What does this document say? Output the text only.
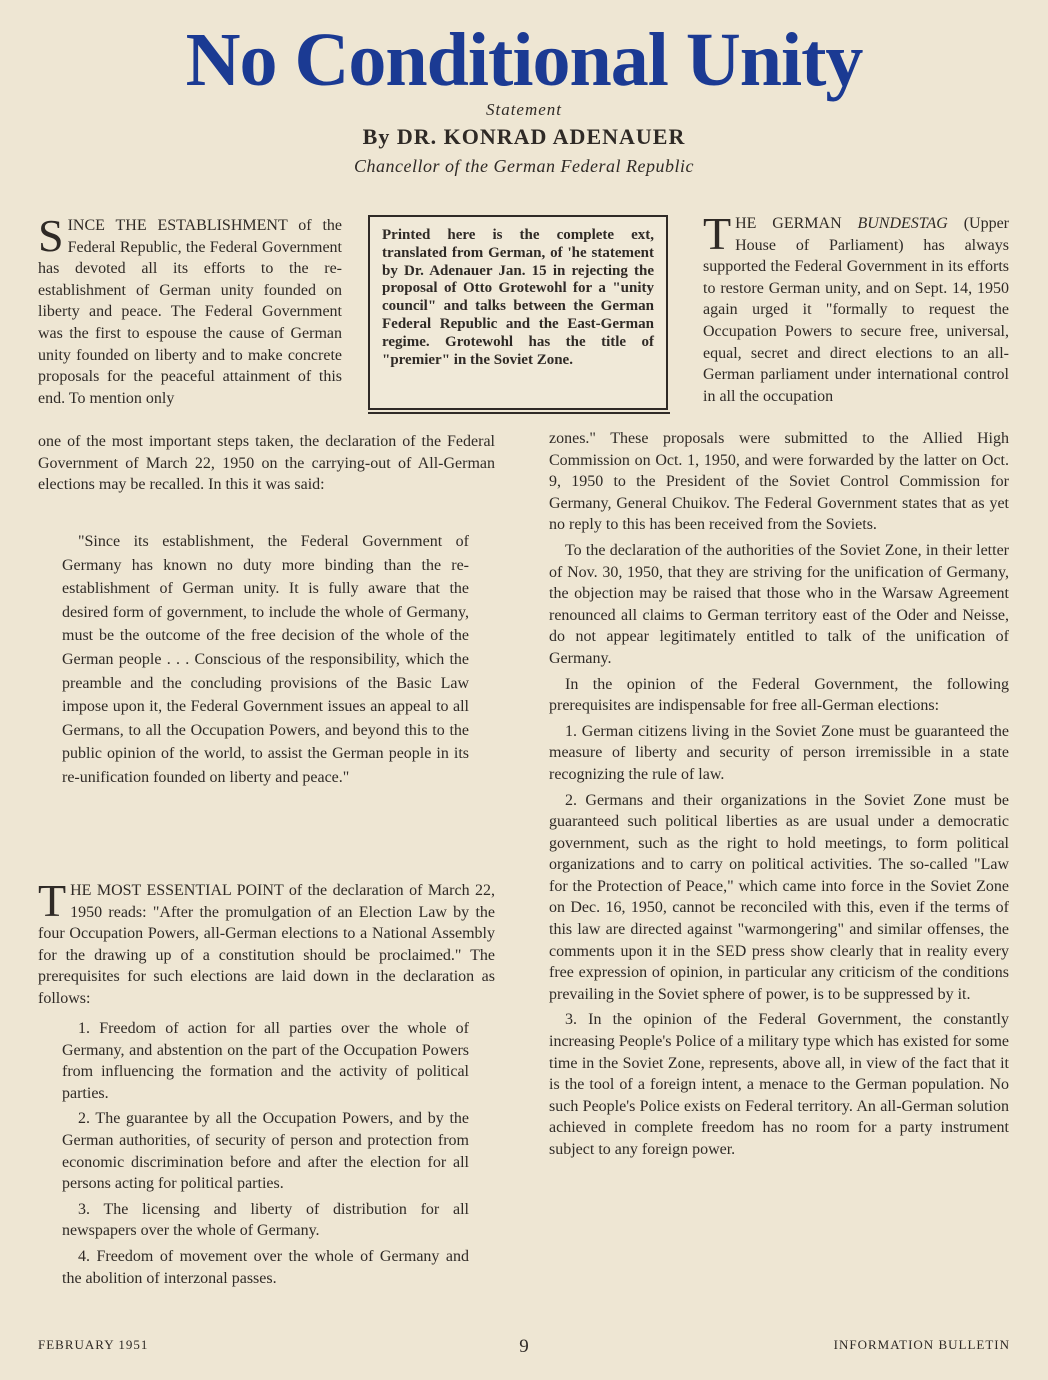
No Conditional Unity
Statement
By DR. KONRAD ADENAUER
Chancellor of the German Federal Republic

SINCE THE ESTABLISHMENT of the Federal Republic, the Federal Government has devoted all its efforts to the re-establishment of German unity founded on liberty and peace. The Federal Government was the first to espouse the cause of German unity founded on liberty and to make concrete proposals for the peaceful attainment of this end. To mention only

Printed here is the complete ext, translated from German, of 'he statement by Dr. Adenauer Jan. 15 in rejecting the proposal of Otto Grotewohl for a "unity council" and talks between the German Federal Republic and the East-German regime. Grotewohl has the title of "premier" in the Soviet Zone.

one of the most important steps taken, the declaration of the Federal Government of March 22, 1950 on the carrying-out of All-German elections may be recalled. In this it was said:

"Since its establishment, the Federal Government of Germany has known no duty more binding than the re-establishment of German unity. It is fully aware that the desired form of government, to include the whole of Germany, must be the outcome of the free decision of the whole of the German people . . . Conscious of the responsibility, which the preamble and the concluding provisions of the Basic Law impose upon it, the Federal Government issues an appeal to all Germans, to all the Occupation Powers, and beyond this to the public opinion of the world, to assist the German people in its re-unification founded on liberty and peace."

THE MOST ESSENTIAL POINT of the declaration of March 22, 1950 reads: "After the promulgation of an Election Law by the four Occupation Powers, all-German elections to a National Assembly for the drawing up of a constitution should be proclaimed." The prerequisites for such elections are laid down in the declaration as follows:

1. Freedom of action for all parties over the whole of Germany, and abstention on the part of the Occupation Powers from influencing the formation and the activity of political parties.

2. The guarantee by all the Occupation Powers, and by the German authorities, of security of person and protection from economic discrimination before and after the election for all persons acting for political parties.

3. The licensing and liberty of distribution for all newspapers over the whole of Germany.

4. Freedom of movement over the whole of Germany and the abolition of interzonal passes.

THE GERMAN BUNDESTAG (Upper House of Parliament) has always supported the Federal Government in its efforts to restore German unity, and on Sept. 14, 1950 again urged it "formally to request the Occupation Powers to secure free, universal, equal, secret and direct elections to an all-German parliament under international control in all the occupation

zones." These proposals were submitted to the Allied High Commission on Oct. 1, 1950, and were forwarded by the latter on Oct. 9, 1950 to the President of the Soviet Control Commission for Germany, General Chuikov. The Federal Government states that as yet no reply to this has been received from the Soviets.

To the declaration of the authorities of the Soviet Zone, in their letter of Nov. 30, 1950, that they are striving for the unification of Germany, the objection may be raised that those who in the Warsaw Agreement renounced all claims to German territory east of the Oder and Neisse, do not appear legitimately entitled to talk of the unification of Germany.

In the opinion of the Federal Government, the following prerequisites are indispensable for free all-German elections:

1. German citizens living in the Soviet Zone must be guaranteed the measure of liberty and security of person irremissible in a state recognizing the rule of law.

2. Germans and their organizations in the Soviet Zone must be guaranteed such political liberties as are usual under a democratic government, such as the right to hold meetings, to form political organizations and to carry on political activities. The so-called "Law for the Protection of Peace," which came into force in the Soviet Zone on Dec. 16, 1950, cannot be reconciled with this, even if the terms of this law are directed against "warmongering" and similar offenses, the comments upon it in the SED press show clearly that in reality every free expression of opinion, in particular any criticism of the conditions prevailing in the Soviet sphere of power, is to be suppressed by it.

3. In the opinion of the Federal Government, the constantly increasing People's Police of a military type which has existed for some time in the Soviet Zone, represents, above all, in view of the fact that it is the tool of a foreign intent, a menace to the German population. No such People's Police exists on Federal territory. An all-German solution achieved in complete freedom has no room for a party instrument subject to any foreign power.

FEBRUARY 1951	9	INFORMATION BULLETIN
